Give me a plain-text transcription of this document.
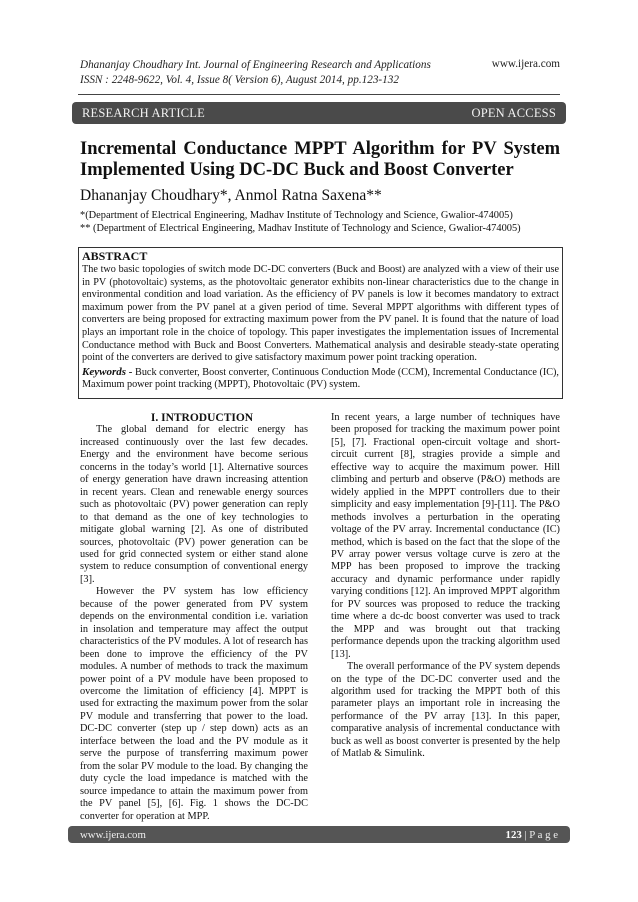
Dhananjay Choudhary Int. Journal of Engineering Research and Applications
ISSN : 2248-9622, Vol. 4, Issue 8( Version 6), August 2014, pp.123-132
www.ijera.com
RESEARCH ARTICLE	OPEN ACCESS
Incremental Conductance MPPT Algorithm for PV System Implemented Using DC-DC Buck and Boost Converter
Dhananjay Choudhary*, Anmol Ratna Saxena**
*(Department of Electrical Engineering, Madhav Institute of Technology and Science, Gwalior-474005)
** (Department of Electrical Engineering, Madhav Institute of Technology and Science, Gwalior-474005)
ABSTRACT
The two basic topologies of switch mode DC-DC converters (Buck and Boost) are analyzed with a view of their use in PV (photovoltaic) systems, as the photovoltaic generator exhibits non-linear characteristics due to the change in environmental condition and load variation. As the efficiency of PV panels is low it becomes mandatory to extract maximum power from the PV panel at a given period of time. Several MPPT algorithms with different types of converters are being proposed for extracting maximum power from the PV panel. It is found that the nature of load plays an important role in the choice of topology. This paper investigates the implementation issues of Incremental Conductance method with Buck and Boost Converters. Mathematical analysis and desirable steady-state operating point of the converters are derived to give satisfactory maximum power point tracking operation.
Keywords - Buck converter, Boost converter, Continuous Conduction Mode (CCM), Incremental Conductance (IC), Maximum power point tracking (MPPT), Photovoltaic (PV) system.

I. INTRODUCTION

The global demand for electric energy has increased continuously over the last few decades. Energy and the environment have become serious concerns in the today’s world [1]. Alternative sources of energy generation have drawn increasing attention in recent years. Clean and renewable energy sources such as photovoltaic (PV) power generation can reply to that demand as the one of key technologies to mitigate global warning [2]. As one of distributed sources, photovoltaic (PV) power generation can be used for grid connected system or either stand alone system to reduce consumption of conventional energy [3].

However the PV system has low efficiency because of the power generated from PV system depends on the environmental condition i.e. variation in insolation and temperature may affect the output characteristics of the PV modules. A lot of research has been done to improve the efficiency of the PV modules. A number of methods to track the maximum power point of a PV module have been proposed to overcome the limitation of efficiency [4]. MPPT is used for extracting the maximum power from the solar PV module and transferring that power to the load. DC-DC converter (step up / step down) acts as an interface between the load and the PV module as it serve the purpose of transferring maximum power from the solar PV module to the load. By changing the duty cycle the load impedance is matched with the source impedance to attain the maximum power from the PV panel [5], [6]. Fig. 1 shows the DC-DC converter for operation at MPP.

In recent years, a large number of techniques have been proposed for tracking the maximum power point [5], [7]. Fractional open-circuit voltage and short-circuit current [8], stragies provide a simple and effective way to acquire the maximum power. Hill climbing and perturb and observe (P&O) methods are widely applied in the MPPT controllers due to their simplicity and easy implementation [9]-[11]. The P&O methods involves a perturbation in the operating voltage of the PV array. Incremental conductance (IC) method, which is based on the fact that the slope of the PV array power versus voltage curve is zero at the MPP has been proposed to improve the tracking accuracy and dynamic performance under rapidly varying conditions [12]. An improved MPPT algorithm for PV sources was proposed to reduce the tracking time where a dc-dc boost converter was used to track the MPP and was brought out that tracking performance depends upon the tracking algorithm used [13].

The overall performance of the PV system depends on the type of the DC-DC converter used and the algorithm used for tracking the MPPT both of this parameter plays an important role in increasing the performance of the PV array [13]. In this paper, comparative analysis of incremental conductance with buck as well as boost converter is presented by the help of Matlab & Simulink.

www.ijera.com	123 | P a g e
